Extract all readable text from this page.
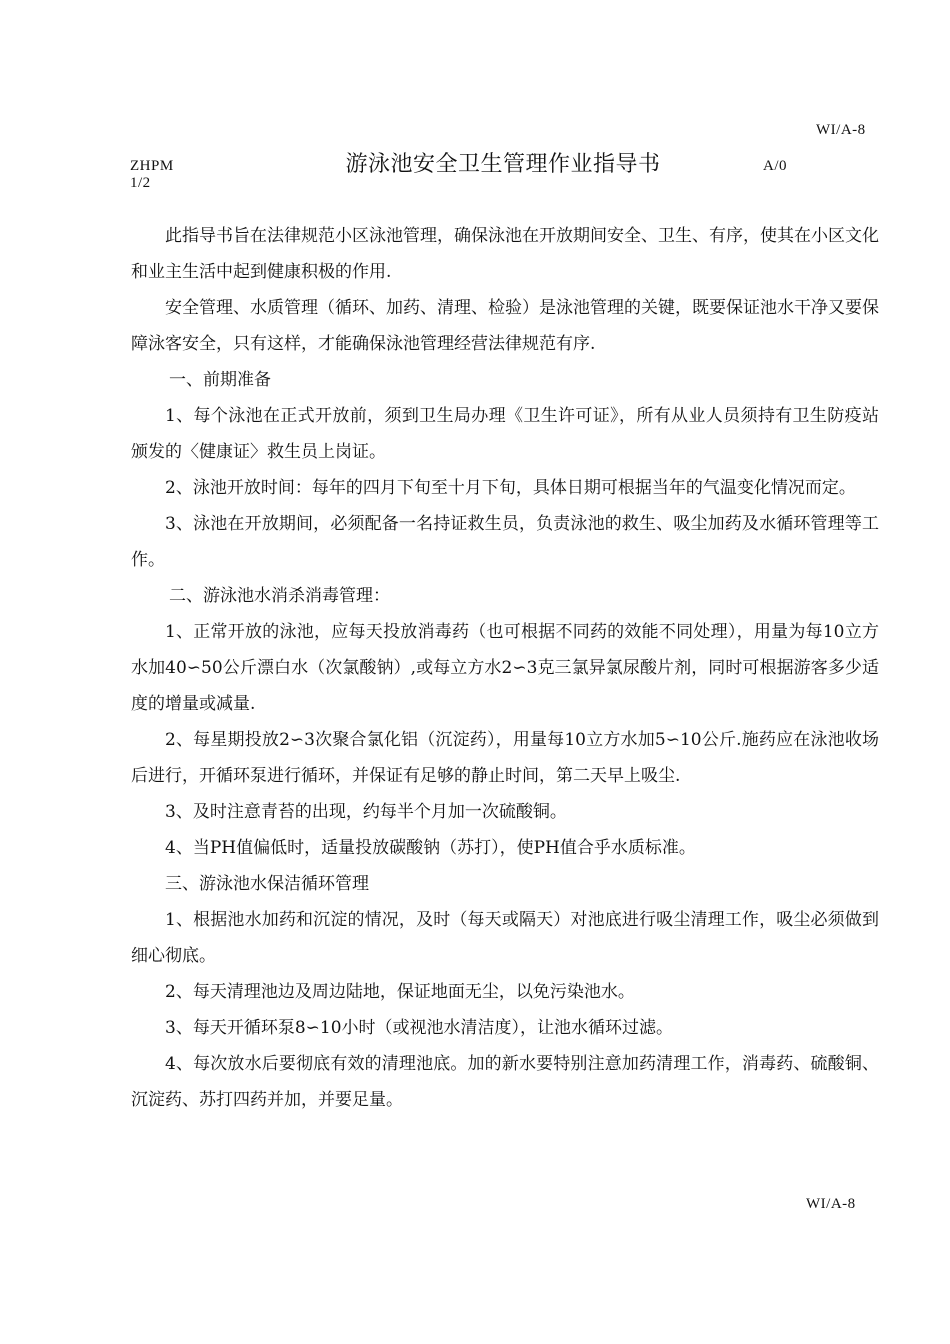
WI/A-8
ZHPM
1/2
游泳池安全卫生管理作业指导书	A/0

此指导书旨在法律规范小区泳池管理，确保泳池在开放期间安全、卫生、有序，使其在小区文化和业主生活中起到健康积极的作用.

安全管理、水质管理（循环、加药、清理、检验）是泳池管理的关键，既要保证池水干净又要保障泳客安全，只有这样，才能确保泳池管理经营法律规范有序.

一、前期准备

1、每个泳池在正式开放前，须到卫生局办理《卫生许可证》，所有从业人员须持有卫生防疫站颁发的〈健康证〉救生员上岗证。

2、泳池开放时间：每年的四月下旬至十月下旬，具体日期可根据当年的气温变化情况而定。

3、泳池在开放期间，必须配备一名持证救生员，负责泳池的救生、吸尘加药及水循环管理等工作。

二、游泳池水消杀消毒管理：

1、正常开放的泳池，应每天投放消毒药（也可根据不同药的效能不同处理），用量为每10立方水加40∽50公斤漂白水（次氯酸钠）,或每立方水2∽3克三氯异氯尿酸片剂，同时可根据游客多少适度的增量或减量.

2、每星期投放2∽3次聚合氯化铝（沉淀药），用量每10立方水加5∽10公斤.施药应在泳池收场后进行，开循环泵进行循环，并保证有足够的静止时间，第二天早上吸尘.

3、及时注意青苔的出现，约每半个月加一次硫酸铜。

4、当PH值偏低时，适量投放碳酸钠（苏打），使PH值合乎水质标准。

三、游泳池水保洁循环管理

1、根据池水加药和沉淀的情况，及时（每天或隔天）对池底进行吸尘清理工作，吸尘必须做到细心彻底。

2、每天清理池边及周边陆地，保证地面无尘，以免污染池水。

3、每天开循环泵8∽10小时（或视池水清洁度），让池水循环过滤。

4、每次放水后要彻底有效的清理池底。加的新水要特别注意加药清理工作，消毒药、硫酸铜、沉淀药、苏打四药并加，并要足量。

WI/A-8
